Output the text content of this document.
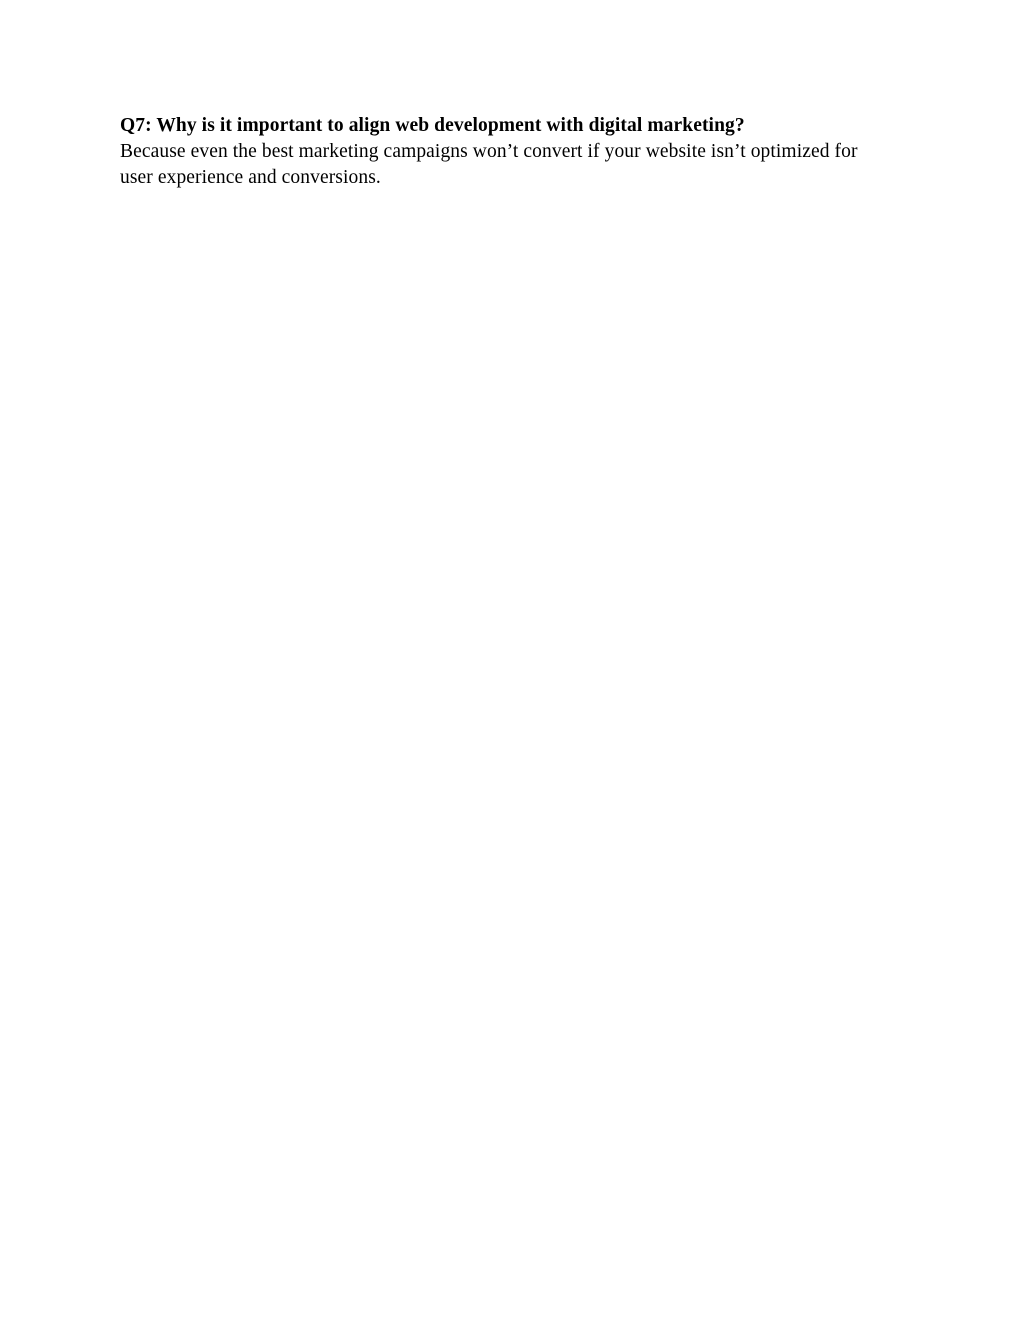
Q7: Why is it important to align web development with digital marketing?

Because even the best marketing campaigns won’t convert if your website isn’t optimized for user experience and conversions.
